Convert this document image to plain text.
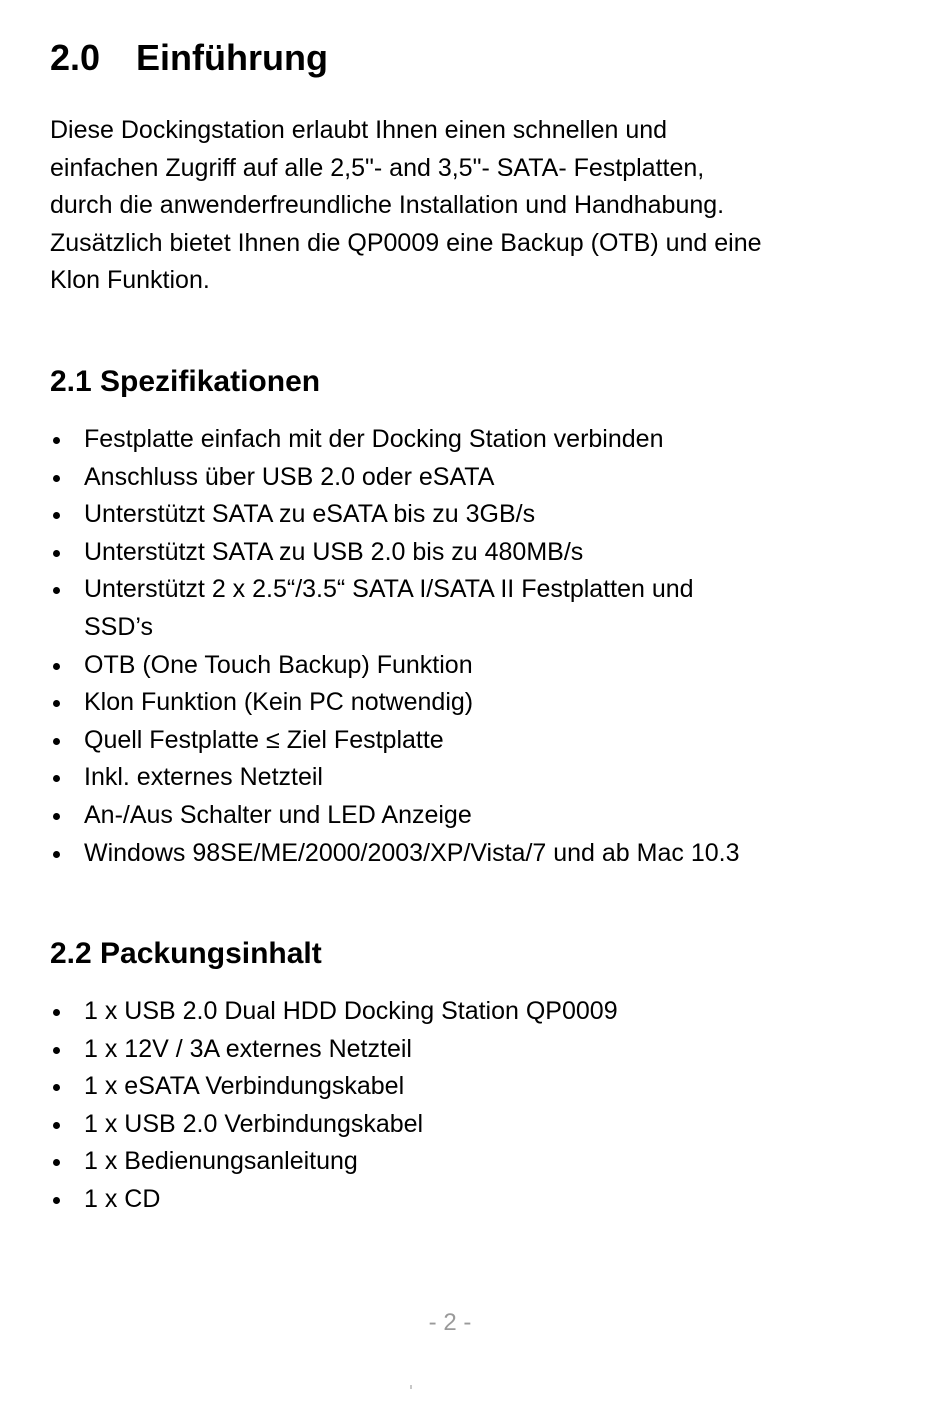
2.0 Einführung

Diese Dockingstation erlaubt Ihnen einen schnellen und
einfachen Zugriff auf alle 2,5"- and 3,5"- SATA- Festplatten,
durch die anwenderfreundliche Installation und Handhabung.
Zusätzlich bietet Ihnen die QP0009 eine Backup (OTB) und eine
Klon Funktion.

2.1 Spezifikationen
Festplatte einfach mit der Docking Station verbinden
Anschluss über USB 2.0 oder eSATA
Unterstützt SATA zu eSATA bis zu 3GB/s
Unterstützt SATA zu USB 2.0 bis zu 480MB/s
Unterstützt 2 x 2.5“/3.5“ SATA I/SATA II Festplatten und
SSD’s
OTB (One Touch Backup) Funktion
Klon Funktion (Kein PC notwendig)
Quell Festplatte ≤ Ziel Festplatte
Inkl. externes Netzteil
An-/Aus Schalter und LED Anzeige
Windows 98SE/ME/2000/2003/XP/Vista/7 und ab Mac 10.3
2.2 Packungsinhalt
1 x USB 2.0 Dual HDD Docking Station QP0009
1 x 12V / 3A externes Netzteil
1 x eSATA Verbindungskabel
1 x USB 2.0 Verbindungskabel
1 x Bedienungsanleitung
1 x CD
- 2 -
